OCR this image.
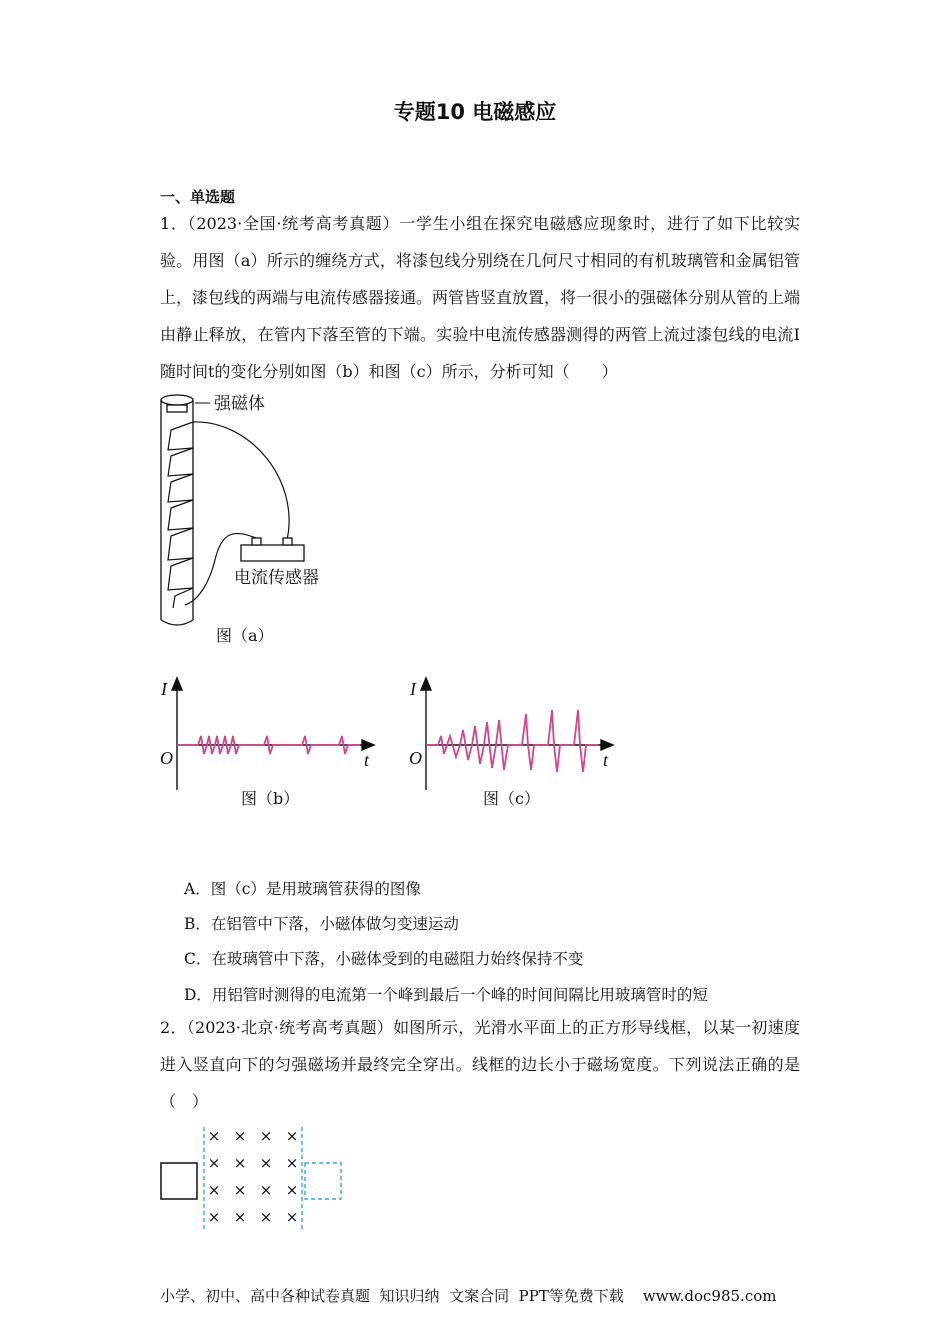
专题10 电磁感应
一、单选题

1．（2023·全国·统考高考真题）一学生小组在探究电磁感应现象时，进行了如下比较实验。用图（a）所示的缠绕方式，将漆包线分别绕在几何尺寸相同的有机玻璃管和金属铝管上，漆包线的两端与电流传感器接通。两管皆竖直放置，将一很小的强磁体分别从管的上端由静止释放，在管内下落至管的下端。实验中电流传感器测得的两管上流过漆包线的电流I随时间t的变化分别如图（b）和图（c）所示，分析可知（　　）

强磁体
电流传感器
图（a）
I
t
O
图（b）
I
t
O
图（c）
A．图（c）是用玻璃管获得的图像
B．在铝管中下落，小磁体做匀变速运动
C．在玻璃管中下落，小磁体受到的电磁阻力始终保持不变
D．用铝管时测得的电流第一个峰到最后一个峰的时间间隔比用玻璃管时的短

2．（2023·北京·统考高考真题）如图所示，光滑水平面上的正方形导线框，以某一初速度进入竖直向下的匀强磁场并最终完全穿出。线框的边长小于磁场宽度。下列说法正确的是（　）

× × × ×
× × × ×
× × × ×
× × × ×
小学、初中、高中各种试卷真题  知识归纳  文案合同  PPT等免费下载 www.doc985.com
